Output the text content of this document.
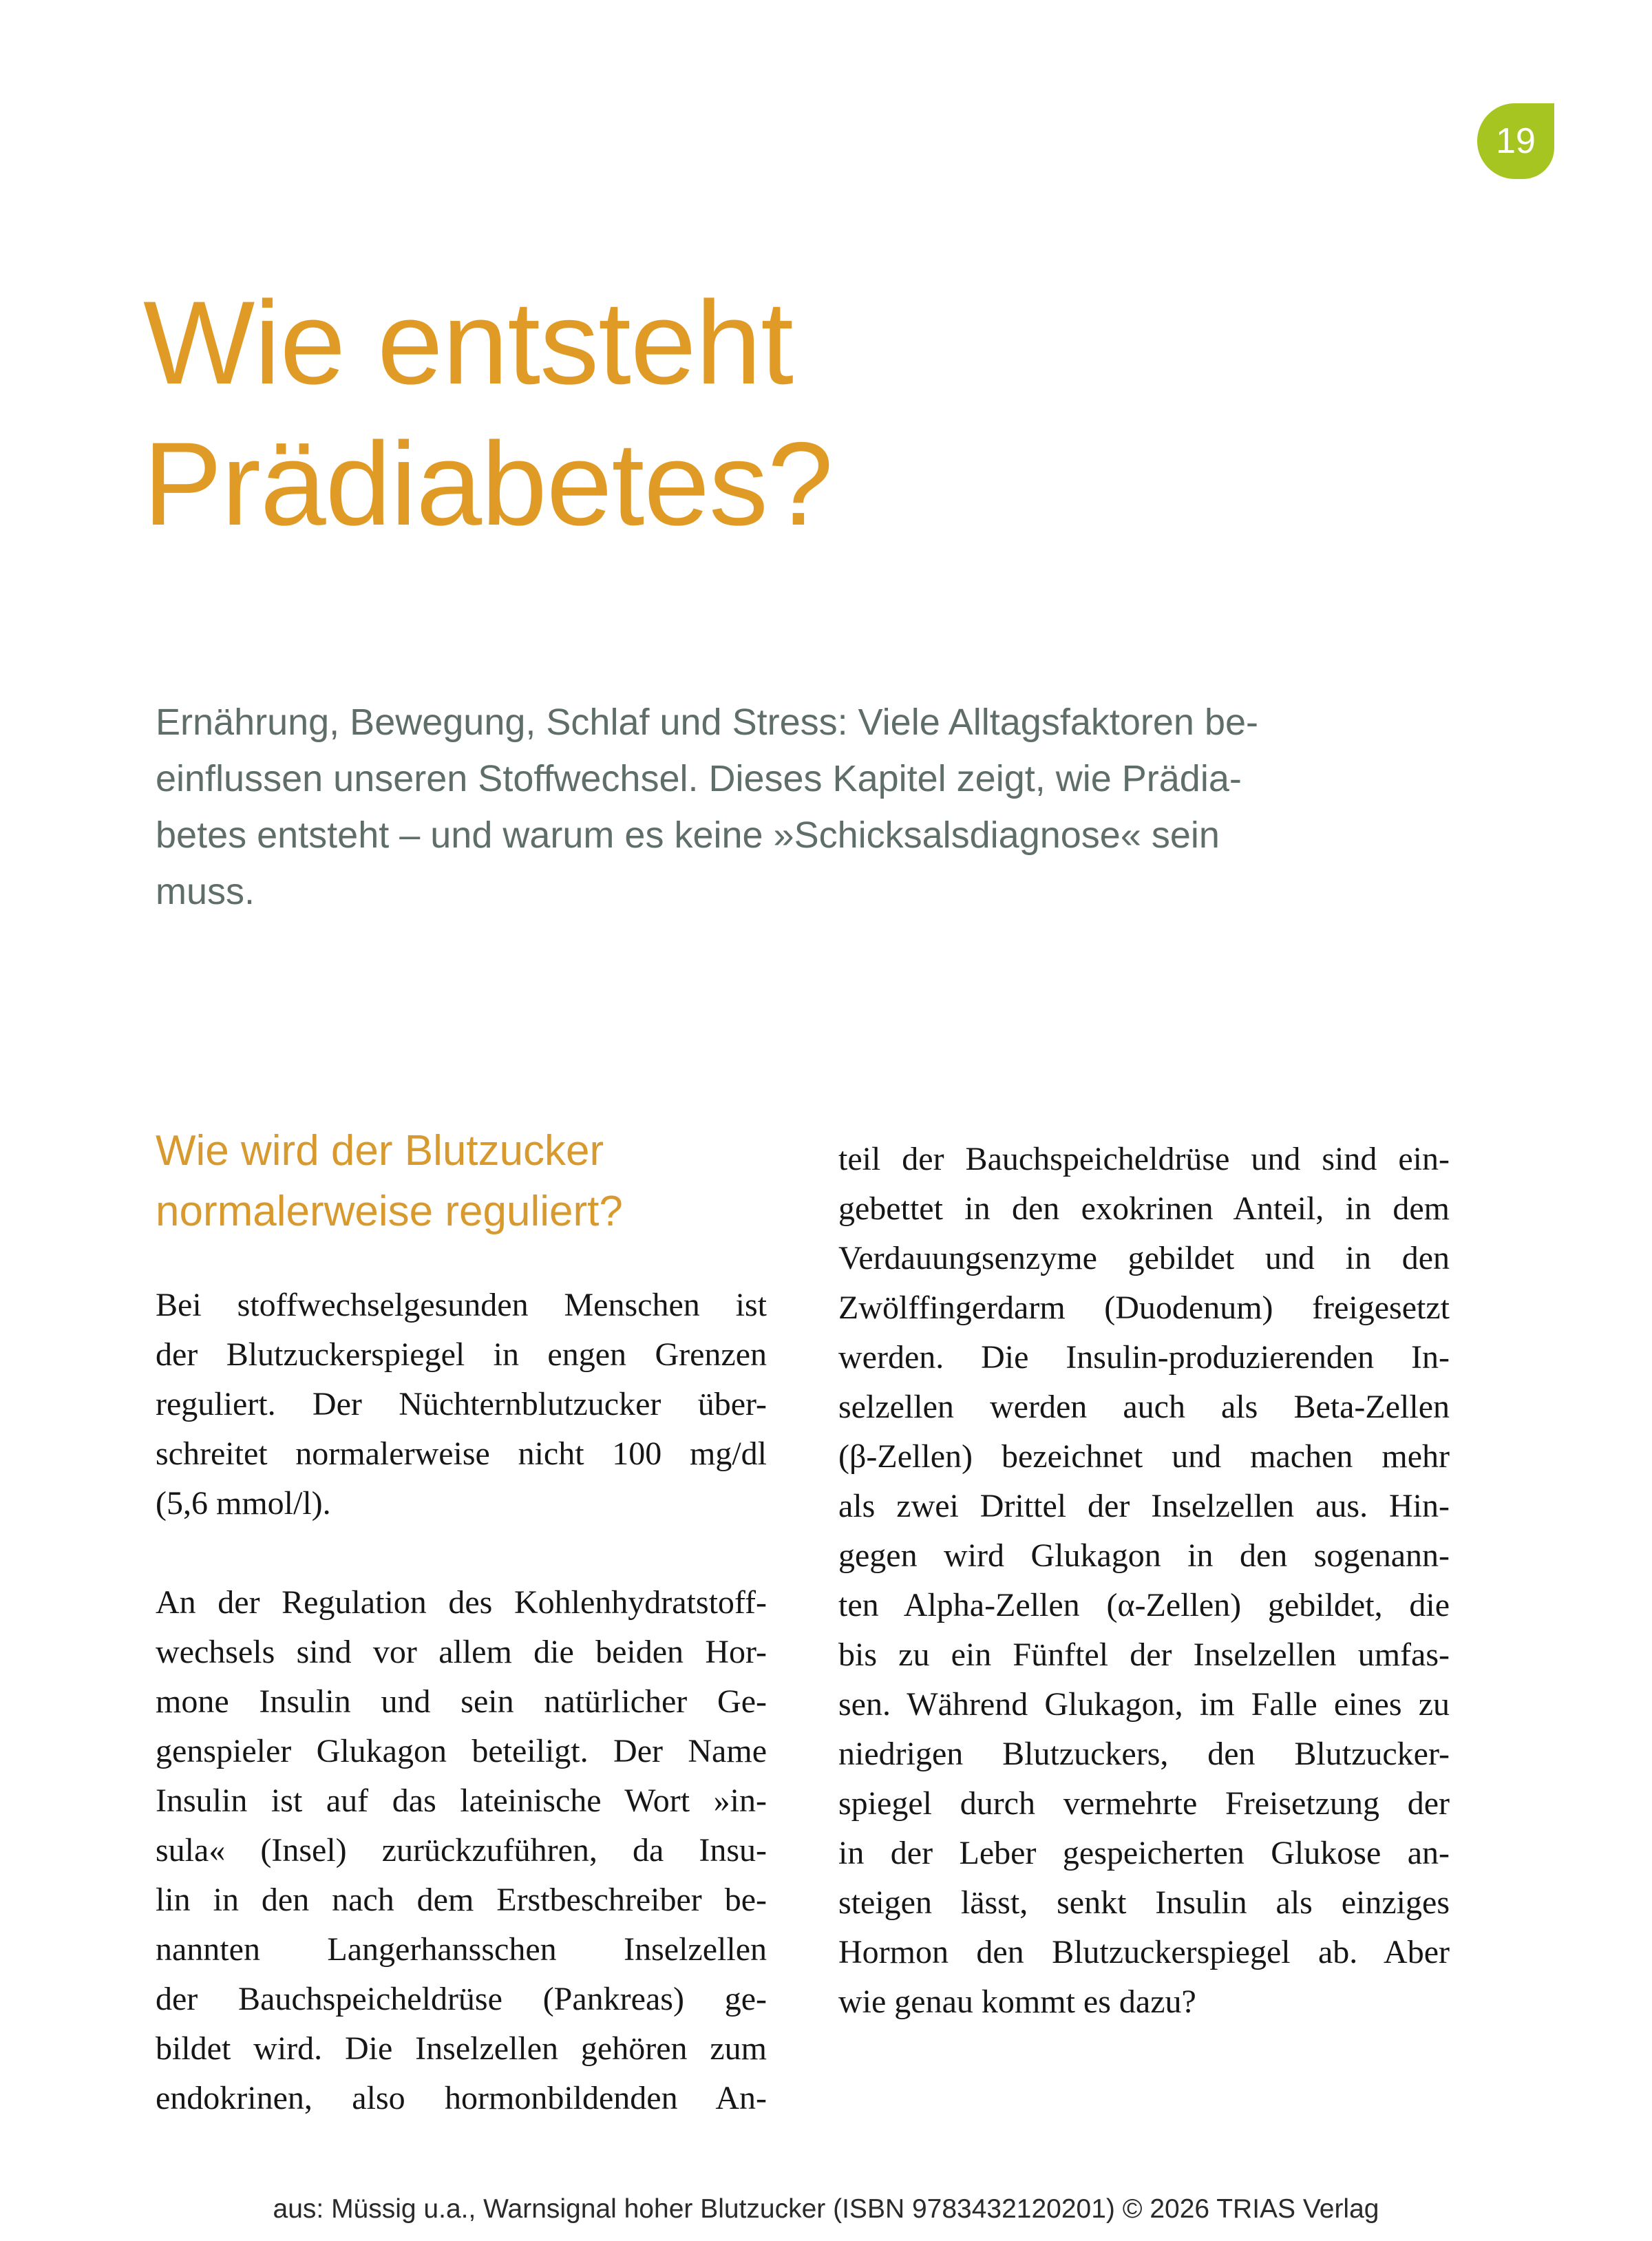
19
Wie entsteht
Prädiabetes?
Ernährung, Bewegung, Schlaf und Stress: Viele Alltagsfaktoren be-
einflussen unseren Stoffwechsel. Dieses Kapitel zeigt, wie Prädia-
betes entsteht – und warum es keine »Schicksalsdiagnose« sein
muss.
Wie wird der Blutzucker
normalerweise reguliert?
Bei stoffwechselgesunden Menschen ist
der Blutzuckerspiegel in engen Grenzen
reguliert. Der Nüchternblutzucker über-
schreitet normalerweise nicht 100 mg/dl
(5,6 mmol/l).
An der Regulation des Kohlenhydratstoff-
wechsels sind vor allem die beiden Hor-
mone Insulin und sein natürlicher Ge-
genspieler Glukagon beteiligt. Der Name
Insulin ist auf das lateinische Wort »in-
sula« (Insel) zurückzuführen, da Insu-
lin in den nach dem Erstbeschreiber be-
nannten Langerhansschen Inselzellen
der Bauchspeicheldrüse (Pankreas) ge-
bildet wird. Die Inselzellen gehören zum
endokrinen, also hormonbildenden An-
teil der Bauchspeicheldrüse und sind ein-
gebettet in den exokrinen Anteil, in dem
Verdauungsenzyme gebildet und in den
Zwölffingerdarm (Duodenum) freigesetzt
werden. Die Insulin-produzierenden In-
selzellen werden auch als Beta-Zellen
(β-Zellen) bezeichnet und machen mehr
als zwei Drittel der Inselzellen aus. Hin-
gegen wird Glukagon in den sogenann-
ten Alpha-Zellen (α-Zellen) gebildet, die
bis zu ein Fünftel der Inselzellen umfas-
sen. Während Glukagon, im Falle eines zu
niedrigen Blutzuckers, den Blutzucker-
spiegel durch vermehrte Freisetzung der
in der Leber gespeicherten Glukose an-
steigen lässt, senkt Insulin als einziges
Hormon den Blutzuckerspiegel ab. Aber
wie genau kommt es dazu?
aus: Müssig u.a., Warnsignal hoher Blutzucker (ISBN 9783432120201) © 2026 TRIAS Verlag
